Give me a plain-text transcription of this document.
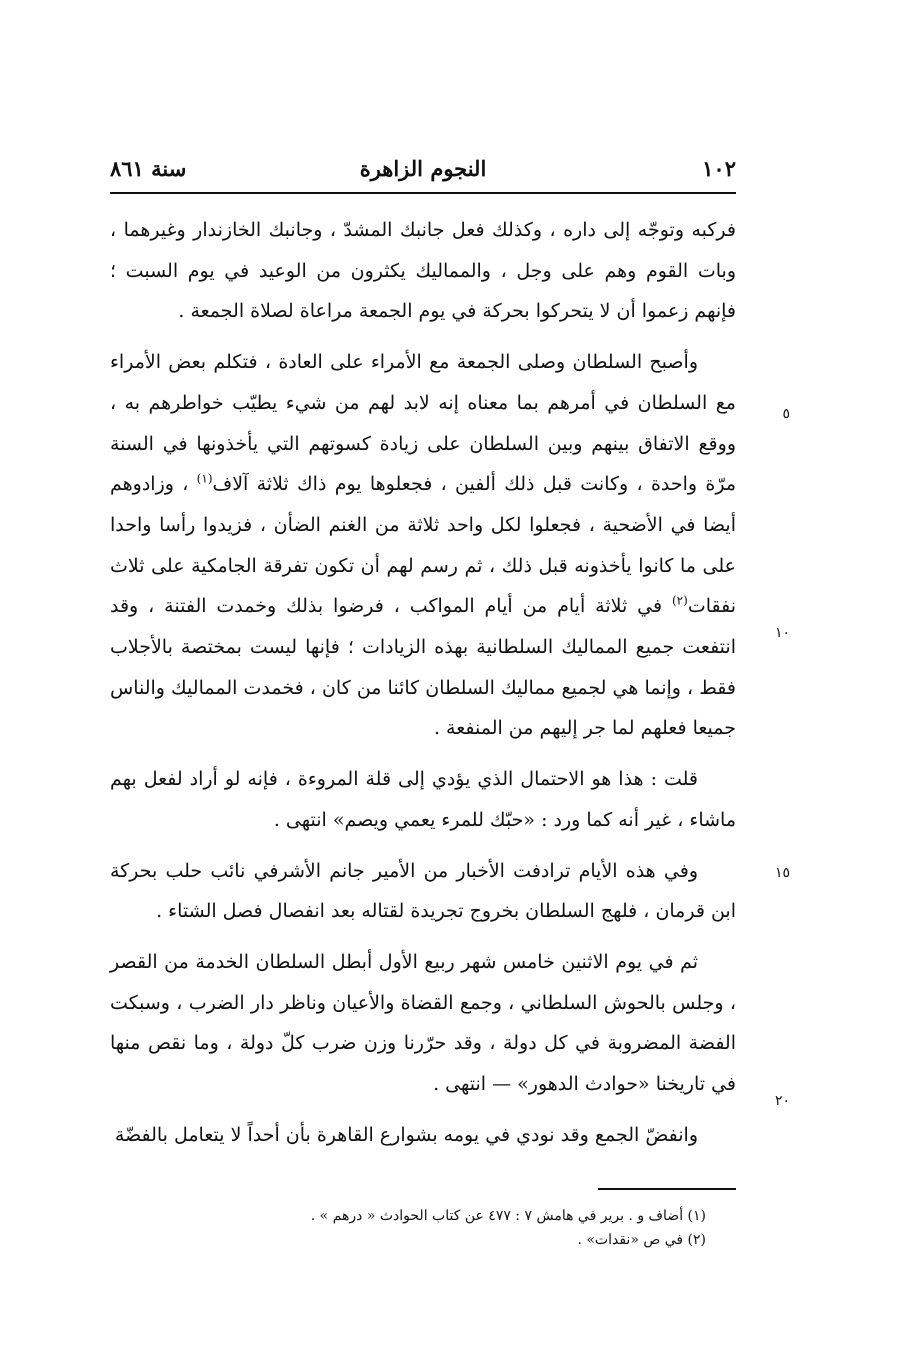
١٠٢
النجوم الزاهرة
سنة ٨٦١

فركبه وتوجّه إلى داره ، وكذلك فعل جانبك المشدّ ، وجانبك الخازندار وغيرهما ، وبات القوم وهم على وجل ، والمماليك يكثرون من الوعيد في يوم السبت ؛ فإنهم زعموا أن لا يتحركوا بحركة في يوم الجمعة مراعاة لصلاة الجمعة .

وأصبح السلطان وصلى الجمعة مع الأمراء على العادة ، فتكلم بعض الأمراء مع السلطان في أمرهم بما معناه إنه لابد لهم من شيء يطيّب خواطرهم به ، ووقع الاتفاق بينهم وبين السلطان على زيادة كسوتهم التي يأخذونها في السنة مرّة واحدة ، وكانت قبل ذلك ألفين ، فجعلوها يوم ذاك ثلاثة آلاف$^{(١)}$ ، وزادوهم أيضا في الأضحية ، فجعلوا لكل واحد ثلاثة من الغنم الضأن ، فزيدوا رأسا واحدا على ما كانوا يأخذونه قبل ذلك ، ثم رسم لهم أن تكون تفرقة الجامكية على ثلاث نفقات$^{(٢)}$ في ثلاثة أيام من أيام المواكب ، فرضوا بذلك وخمدت الفتنة ، وقد انتفعت جميع المماليك السلطانية بهذه الزيادات ؛ فإنها ليست بمختصة بالأجلاب فقط ، وإنما هي لجميع مماليك السلطان كائنا من كان ، فخمدت المماليك والناس جميعا فعلهم لما جر إليهم من المنفعة .

قلت : هذا هو الاحتمال الذي يؤدي إلى قلة المروءة ، فإنه لو أراد لفعل بهم ماشاء ، غير أنه كما ورد : «حبّك للمرء يعمي ويصم» انتهى .

وفي هذه الأيام ترادفت الأخبار من الأمير جانم الأشرفي نائب حلب بحركة ابن قرمان ، فلهج السلطان بخروج تجريدة لقتاله بعد انفصال فصل الشتاء .

ثم في يوم الاثنين خامس شهر ربيع الأول أبطل السلطان الخدمة من القصر ، وجلس بالحوش السلطاني ، وجمع القضاة والأعيان وناظر دار الضرب ، وسبكت الفضة المضروبة في كل دولة ، وقد حرّرنا وزن ضرب كلّ دولة ، وما نقص منها في تاريخنا «حوادث الدهور» — انتهى .

وانفضّ الجمع وقد نودي في يومه بشوارع القاهرة بأن أحداً لا يتعامل بالفضّة

٥
١٠
١٥
٢٠
(١) أضاف و . برير في هامش ٧ : ٤٧٧ عن كتاب الحوادث « درهم » .
(٢) في ص «نقدات» .
